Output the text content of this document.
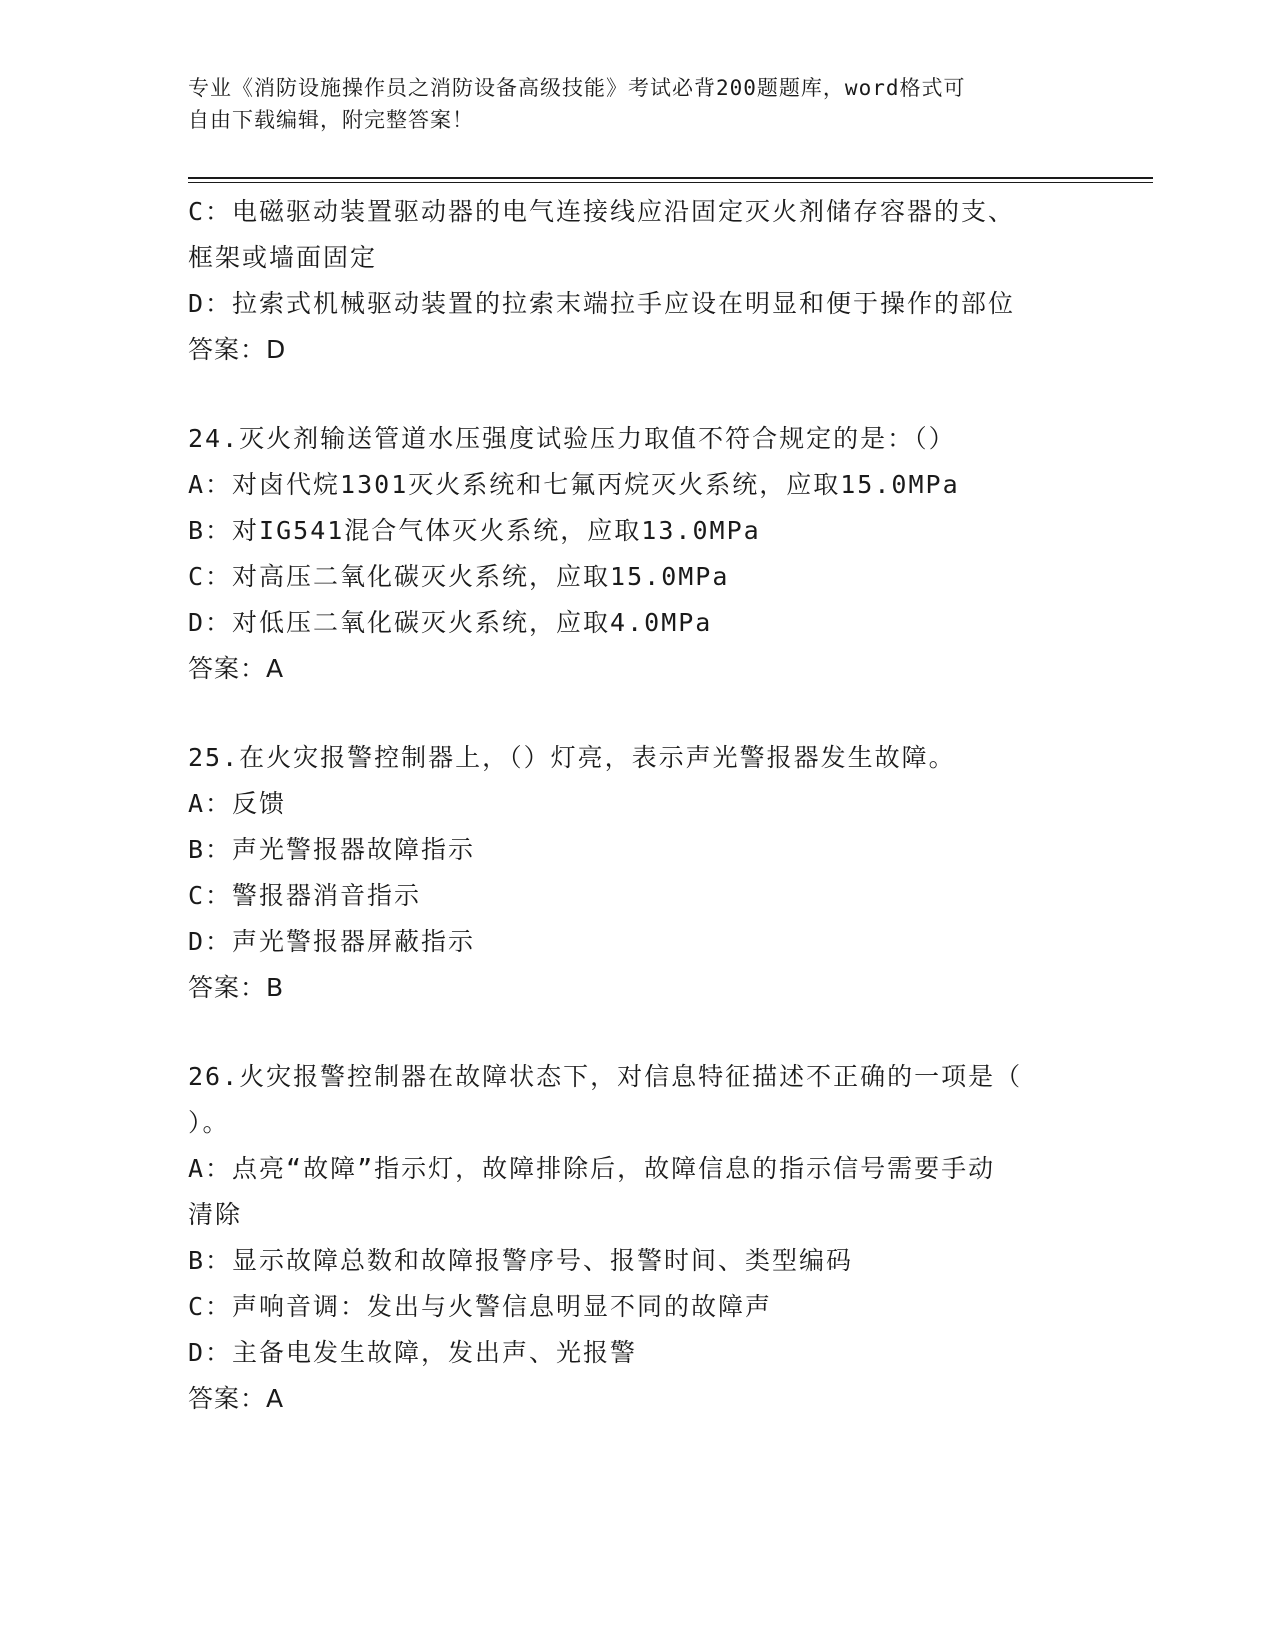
专业《消防设施操作员之消防设备高级技能》考试必背200题题库，word格式可
自由下载编辑，附完整答案！
C：电磁驱动装置驱动器的电气连接线应沿固定灭火剂储存容器的支、
框架或墙面固定
D：拉索式机械驱动装置的拉索末端拉手应设在明显和便于操作的部位
答案：D
24.灭火剂输送管道水压强度试验压力取值不符合规定的是：（）
A：对卤代烷1301灭火系统和七氟丙烷灭火系统，应取15.0MPa
B：对IG541混合气体灭火系统，应取13.0MPa
C：对高压二氧化碳灭火系统，应取15.0MPa
D：对低压二氧化碳灭火系统，应取4.0MPa
答案：A
25.在火灾报警控制器上，（）灯亮，表示声光警报器发生故障。
A：反馈
B：声光警报器故障指示
C：警报器消音指示
D：声光警报器屏蔽指示
答案：B
26.火灾报警控制器在故障状态下，对信息特征描述不正确的一项是（
）。
A：点亮“故障”指示灯，故障排除后，故障信息的指示信号需要手动
清除
B：显示故障总数和故障报警序号、报警时间、类型编码
C：声响音调：发出与火警信息明显不同的故障声
D：主备电发生故障，发出声、光报警
答案：A
